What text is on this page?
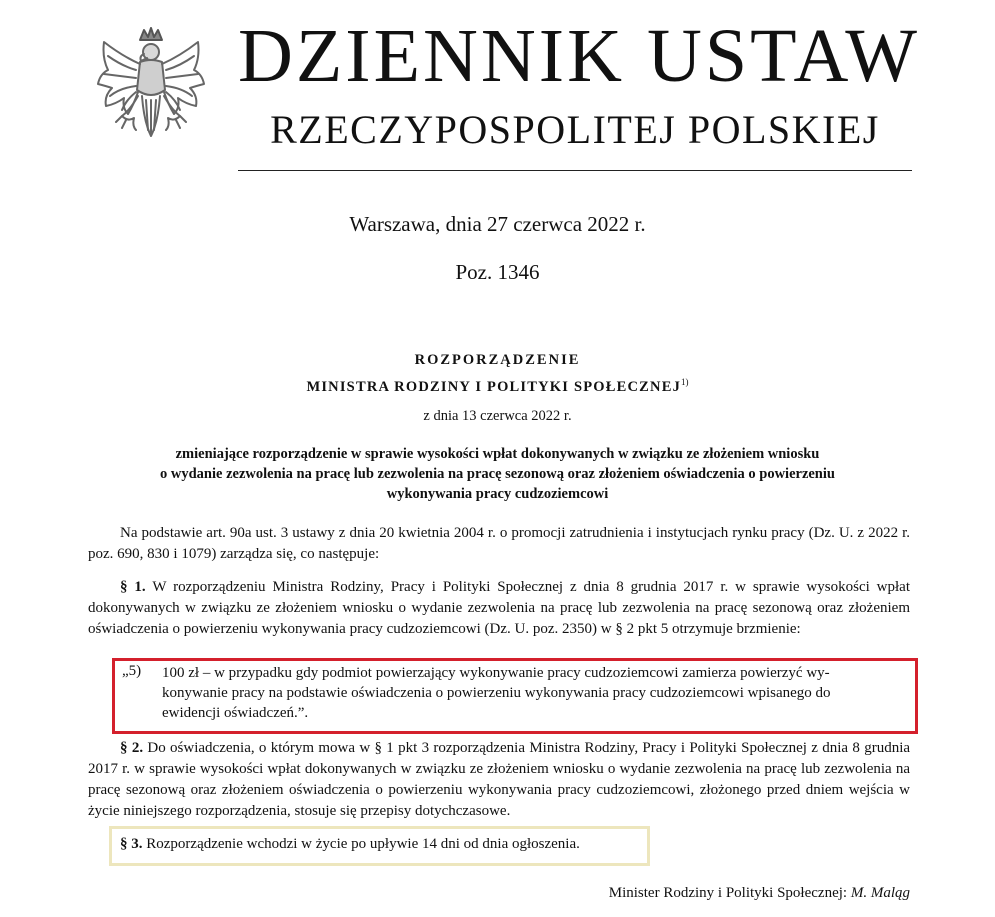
DZIENNIK USTAW
RZECZYPOSPOLITEJ POLSKIEJ
Warszawa, dnia 27 czerwca 2022 r.
Poz. 1346
ROZPORZĄDZENIE
MINISTRA RODZINY I POLITYKI SPOŁECZNEJ$^{1)}$
z dnia 13 czerwca 2022 r.
zmieniające rozporządzenie w sprawie wysokości wpłat dokonywanych w związku ze złożeniem wniosku
o wydanie zezwolenia na pracę lub zezwolenia na pracę sezonową oraz złożeniem oświadczenia o powierzeniu
wykonywania pracy cudzoziemcowi
Na podstawie art. 90a ust. 3 ustawy z dnia 20 kwietnia 2004 r. o promocji zatrudnienia i instytucjach rynku pracy (Dz. U. z 2022 r. poz. 690, 830 i 1079) zarządza się, co następuje:
§ 1. W rozporządzeniu Ministra Rodziny, Pracy i Polityki Społecznej z dnia 8 grudnia 2017 r. w sprawie wysokości wpłat dokonywanych w związku ze złożeniem wniosku o wydanie zezwolenia na pracę lub zezwolenia na pracę sezonową oraz złożeniem oświadczenia o powierzeniu wykonywania pracy cudzoziemcowi (Dz. U. poz. 2350) w § 2 pkt 5 otrzymuje brzmienie:
„5) 100 zł – w przypadku gdy podmiot powierzający wykonywanie pracy cudzoziemcowi zamierza powierzyć wy-
konywanie pracy na podstawie oświadczenia o powierzeniu wykonywania pracy cudzoziemcowi wpisanego do
ewidencji oświadczeń.”.
§ 2. Do oświadczenia, o którym mowa w § 1 pkt 3 rozporządzenia Ministra Rodziny, Pracy i Polityki Społecznej z dnia 8 grudnia 2017 r. w sprawie wysokości wpłat dokonywanych w związku ze złożeniem wniosku o wydanie zezwolenia na pracę lub zezwolenia na pracę sezonową oraz złożeniem oświadczenia o powierzeniu wykonywania pracy cudzoziemcowi, złożonego przed dniem wejścia w życie niniejszego rozporządzenia, stosuje się przepisy dotychczasowe.
§ 3. Rozporządzenie wchodzi w życie po upływie 14 dni od dnia ogłoszenia.
Minister Rodziny i Polityki Społecznej: M. Maląg
